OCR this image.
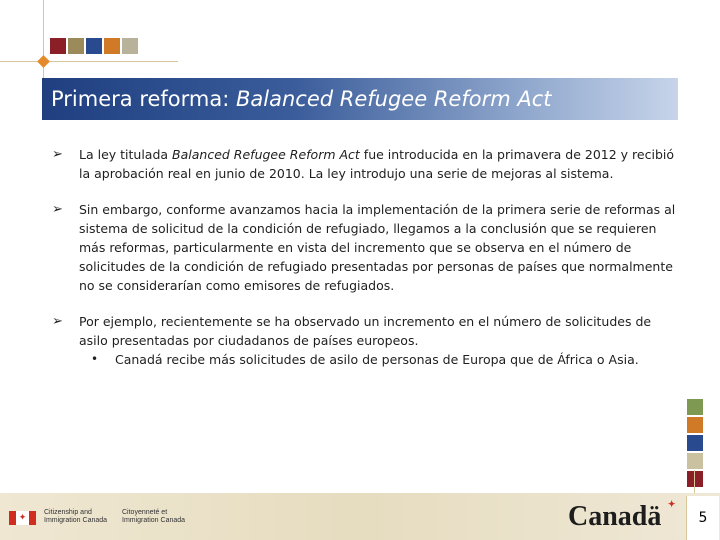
Primera reforma: Balanced Refugee Reform Act
➢ La ley titulada Balanced Refugee Reform Act fue introducida en la primavera de 2012 y recibió la aprobación real en junio de 2010. La ley introdujo una serie de mejoras al sistema.
➢ Sin embargo, conforme avanzamos hacia la implementación de la primera serie de reformas al sistema de solicitud de la condición de refugiado, llegamos a la conclusión que se requieren más reformas, particularmente en vista del incremento que se observa en el número de solicitudes de la condición de refugiado presentadas por personas de países que normalmente no se considerarían como emisores de refugiados.
➢ Por ejemplo, recientemente se ha observado un incremento en el número de solicitudes de asilo presentadas por ciudadanos de países europeos.
• Canadá recibe más solicitudes de asilo de personas de Europa que de África o Asia.
✦
Citizenship and
Immigration Canada
Citoyenneté et
Immigration Canada	Canadä ✦
5
